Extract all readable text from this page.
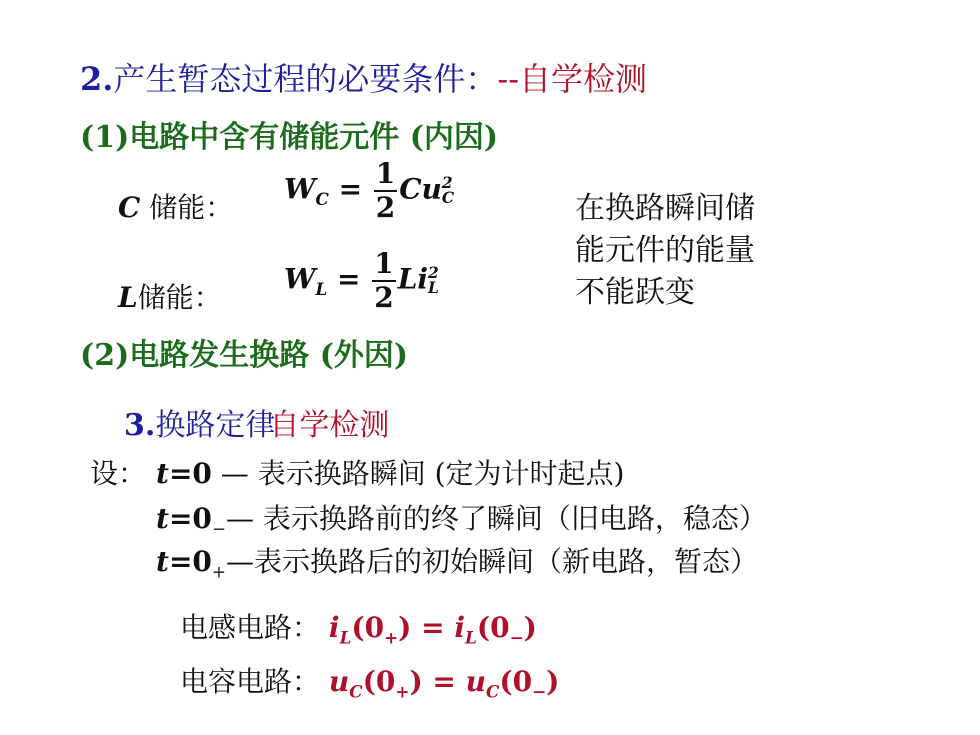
2.产生暂态过程的必要条件：--自学检测
(1)电路中含有储能元件 (内因)
C 储能：
$W_C = \frac{1}{2}$ Cu 2
C
L储能：
$W_L = \frac{1}{2}$ Li 2
L
在换路瞬间储
能元件的能量
不能跃变
(2)电路发生换路 (外因)
3.换路定律自学检测
设： t=0 — 表示换路瞬间 (定为计时起点)
$t=0_-—$ 表示换路前的终了瞬间（旧电路，稳态）
$t=0_+—$表示换路后的初始瞬间（新电路，暂态）
电感电路： $i_L(0_+) = i_L(0_-)$
电容电路： $u_C(0_+) = u_C(0_-)$
